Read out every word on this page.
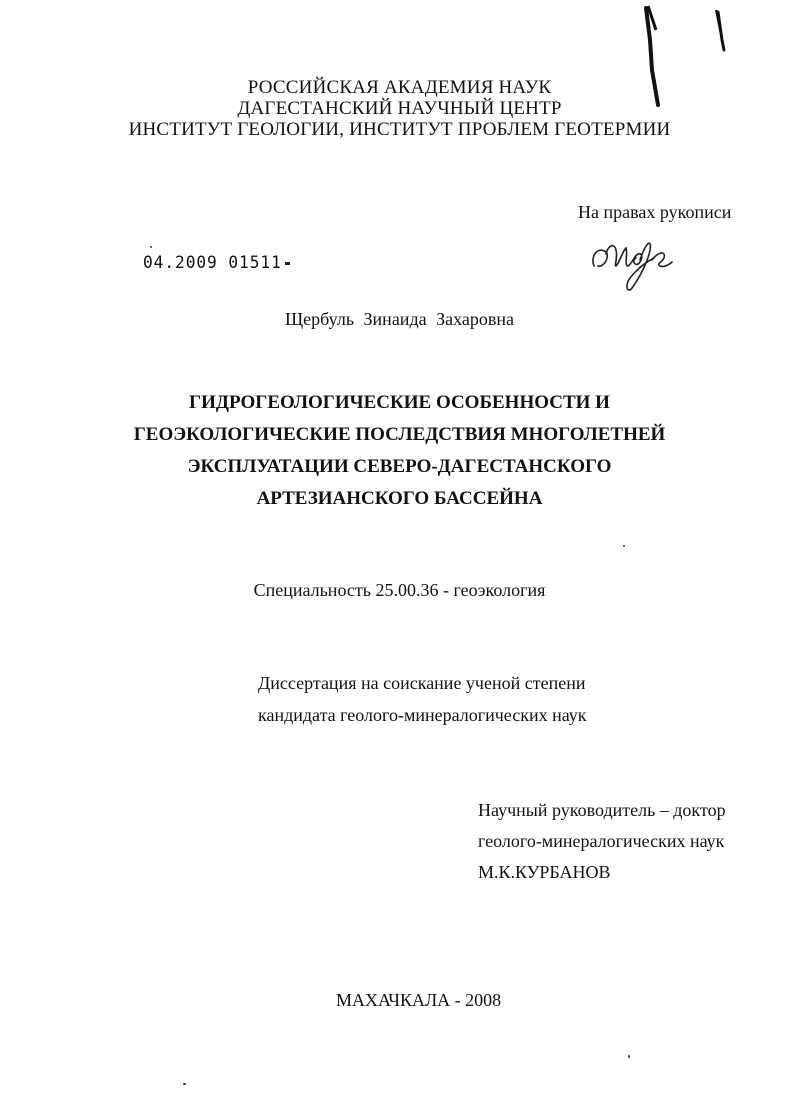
РОССИЙСКАЯ АКАДЕМИЯ НАУК
ДАГЕСТАНСКИЙ НАУЧНЫЙ ЦЕНТР
ИНСТИТУТ ГЕОЛОГИИ, ИНСТИТУТ ПРОБЛЕМ ГЕОТЕРМИИ
На правах рукописи
04.2009 01511
Щербуль Зинаида Захаровна
ГИДРОГЕОЛОГИЧЕСКИЕ ОСОБЕННОСТИ И
ГЕОЭКОЛОГИЧЕСКИЕ ПОСЛЕДСТВИЯ МНОГОЛЕТНЕЙ
ЭКСПЛУАТАЦИИ СЕВЕРО-ДАГЕСТАНСКОГО
АРТЕЗИАНСКОГО БАССЕЙНА
Специальность 25.00.36 - геоэкология
Диссертация на соискание ученой степени
кандидата геолого-минералогических наук
Научный руководитель – доктор
геолого-минералогических наук
М.К.КУРБАНОВ
МАХАЧКАЛА - 2008
